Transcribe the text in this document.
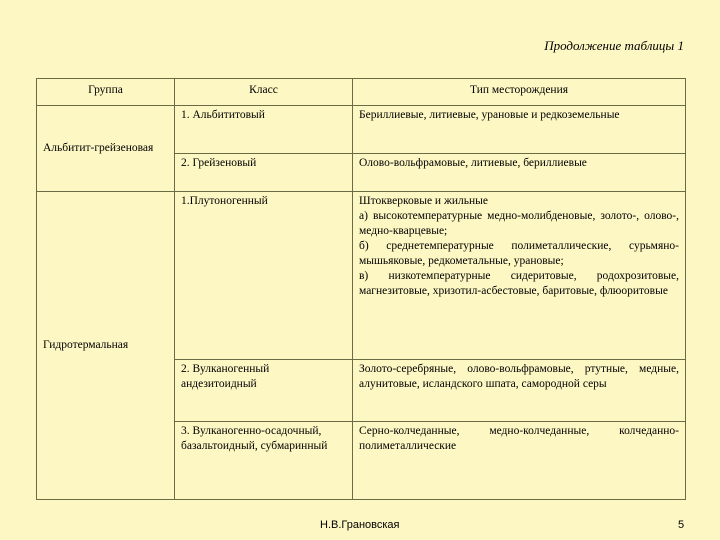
Продолжение таблицы 1
Группа	Класс	Тип месторождения
Альбитит-грейзеновая	1. Альбититовый	Бериллиевые, литиевые, урановые и редкоземельные
	2. Грейзеновый	Олово-вольфрамовые, литиевые, бериллиевые
Гидротермальная	1.Плутоногенный	Штокверковые и жильные
а) высокотемпературные медно-молибденовые, золото-, олово-, медно-кварцевые;
б) среднетемпературные полиметаллические, сурьмяно-мышьяковые, редкометальные, урановые;
в) низкотемпературные сидеритовые, родохрозитовые, магнезитовые, хризотил-асбестовые, баритовые, флюоритовые

	2. Вулканогенный андезитоидный	Золото-серебряные, олово-вольфрамовые, ртутные, медные, алунитовые, исландского шпата, самородной серы
	3. Вулканогенно-осадочный, базальтоидный, субмаринный	Серно-колчеданные, медно-колчеданные, колчеданно-полиметаллические
Н.В.Грановская	5
